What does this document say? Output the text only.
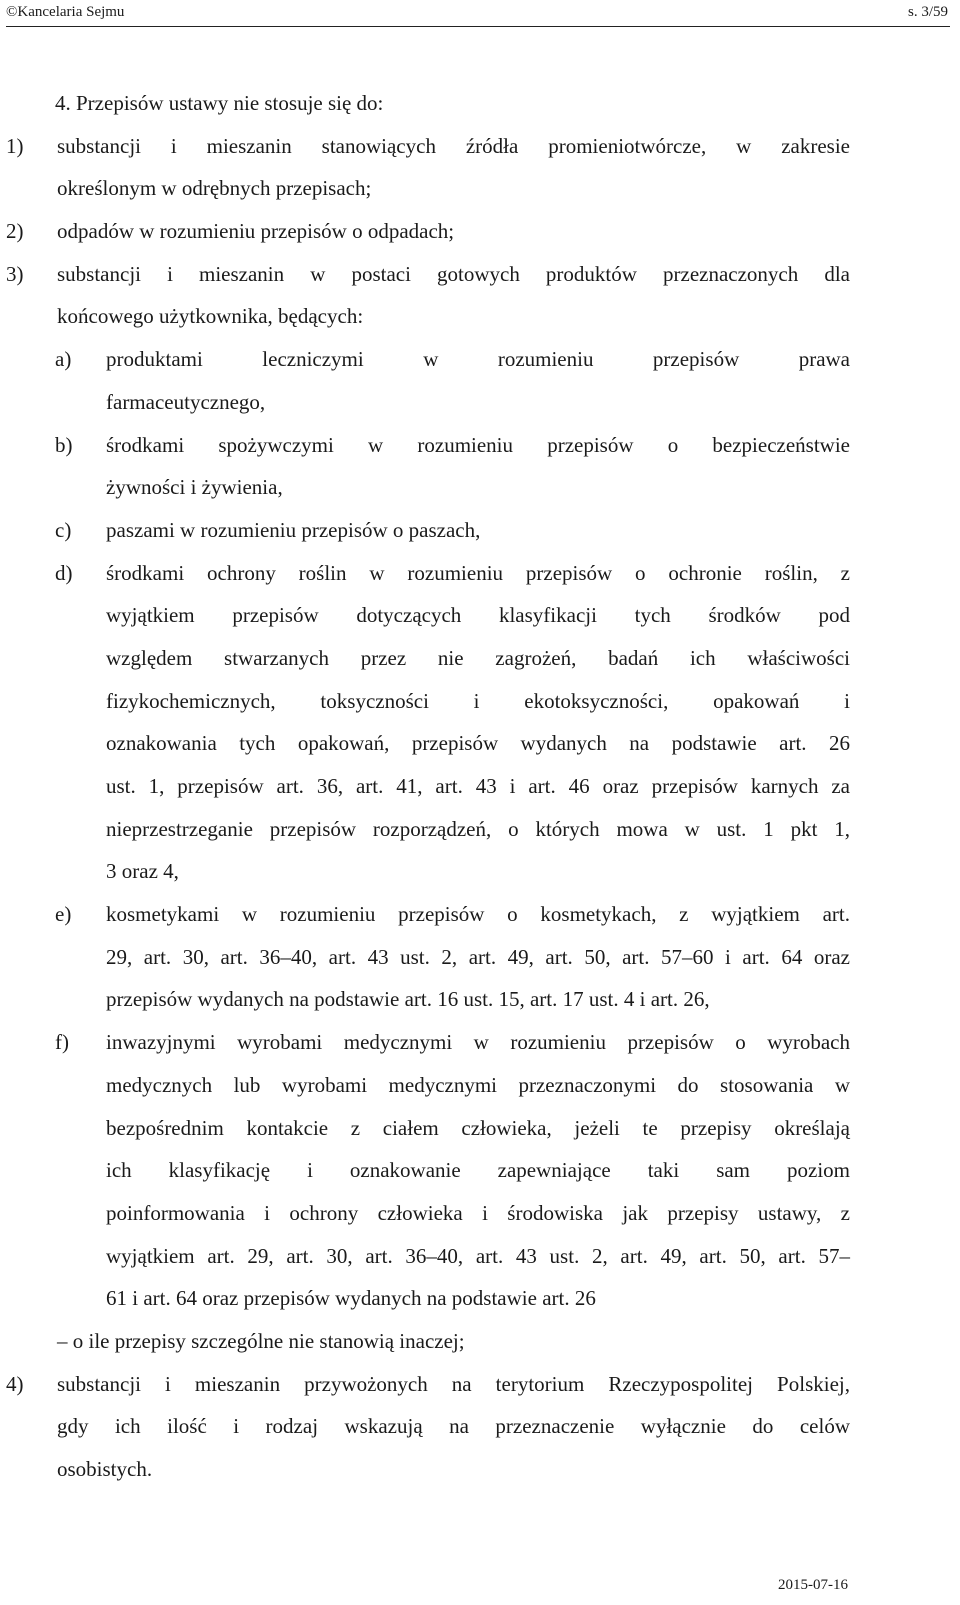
©Kancelaria Sejmu	s. 3/59
4. Przepisów ustawy nie stosuje się do:
1) substancji i mieszanin stanowiących źródła promieniotwórcze, w zakresie
określonym w odrębnych przepisach;
2) odpadów w rozumieniu przepisów o odpadach;
3) substancji i mieszanin w postaci gotowych produktów przeznaczonych dla
końcowego użytkownika, będących:
a) produktami leczniczymi w rozumieniu przepisów prawa
farmaceutycznego,
b) środkami spożywczymi w rozumieniu przepisów o bezpieczeństwie
żywności i żywienia,
c) paszami w rozumieniu przepisów o paszach,
d) środkami ochrony roślin w rozumieniu przepisów o ochronie roślin, z
wyjątkiem przepisów dotyczących klasyfikacji tych środków pod
względem stwarzanych przez nie zagrożeń, badań ich właściwości
fizykochemicznych, toksyczności i ekotoksyczności, opakowań i
oznakowania tych opakowań, przepisów wydanych na podstawie art. 26
ust. 1, przepisów art. 36, art. 41, art. 43 i art. 46 oraz przepisów karnych za
nieprzestrzeganie przepisów rozporządzeń, o których mowa w ust. 1 pkt 1,
3 oraz 4,
e) kosmetykami w rozumieniu przepisów o kosmetykach, z wyjątkiem art.
29, art. 30, art. 36–40, art. 43 ust. 2, art. 49, art. 50, art. 57–60 i art. 64 oraz
przepisów wydanych na podstawie art. 16 ust. 15, art. 17 ust. 4 i art. 26,
f) inwazyjnymi wyrobami medycznymi w rozumieniu przepisów o wyrobach
medycznych lub wyrobami medycznymi przeznaczonymi do stosowania w
bezpośrednim kontakcie z ciałem człowieka, jeżeli te przepisy określają
ich klasyfikację i oznakowanie zapewniające taki sam poziom
poinformowania i ochrony człowieka i środowiska jak przepisy ustawy, z
wyjątkiem art. 29, art. 30, art. 36–40, art. 43 ust. 2, art. 49, art. 50, art. 57–
61 i art. 64 oraz przepisów wydanych na podstawie art. 26
– o ile przepisy szczególne nie stanowią inaczej;
4) substancji i mieszanin przywożonych na terytorium Rzeczypospolitej Polskiej,
gdy ich ilość i rodzaj wskazują na przeznaczenie wyłącznie do celów
osobistych.
2015-07-16
